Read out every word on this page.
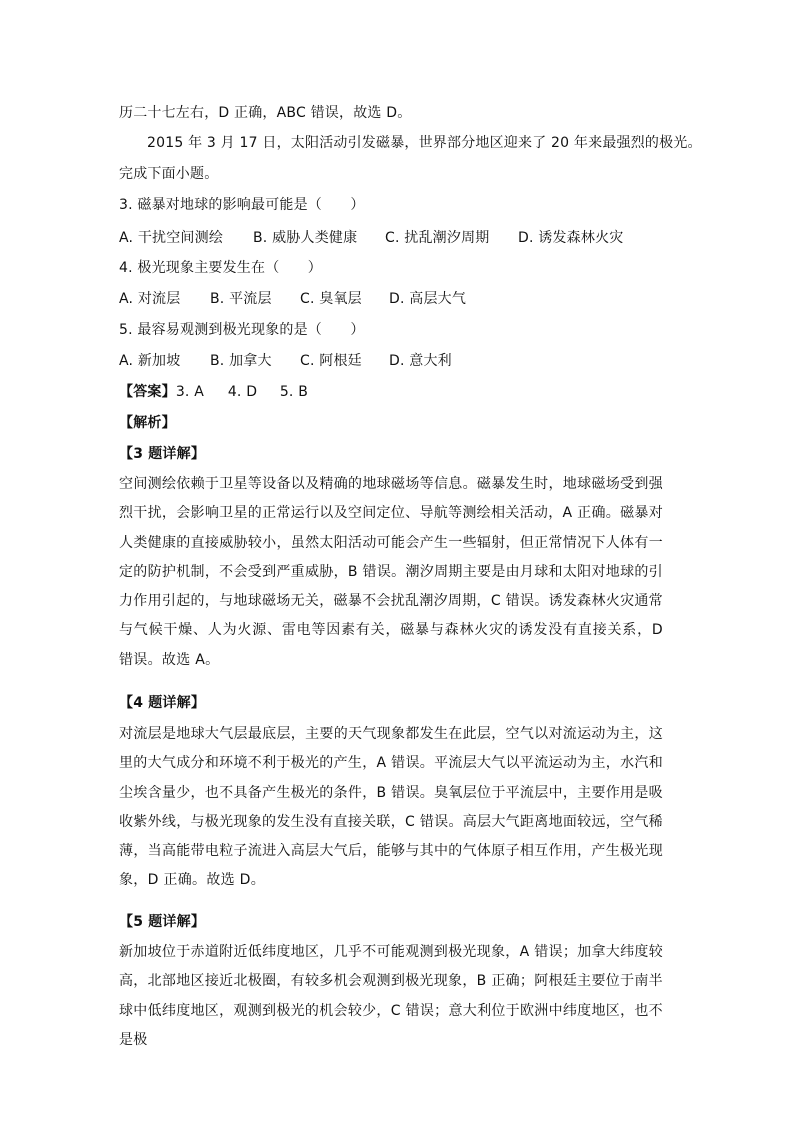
历二十七左右，D 正确，ABC 错误，故选 D。
2015 年 3 月 17 日，太阳活动引发磁暴，世界部分地区迎来了 20 年来最强烈的极光。
完成下面小题。
3. 磁暴对地球的影响最可能是（　　）
A. 干扰空间测绘 B. 威胁人类健康 C. 扰乱潮汐周期 D. 诱发森林火灾
4. 极光现象主要发生在（　　）
A. 对流层 B. 平流层 C. 臭氧层 D. 高层大气
5. 最容易观测到极光现象的是（　　）
A. 新加坡 B. 加拿大 C. 阿根廷 D. 意大利
【答案】3. A 4. D 5. B
【解析】
【3 题详解】

空间测绘依赖于卫星等设备以及精确的地球磁场等信息。磁暴发生时，地球磁场受到强烈干扰，会影响卫星的正常运行以及空间定位、导航等测绘相关活动，A 正确。磁暴对人类健康的直接威胁较小，虽然太阳活动可能会产生一些辐射，但正常情况下人体有一定的防护机制，不会受到严重威胁，B 错误。潮汐周期主要是由月球和太阳对地球的引力作用引起的，与地球磁场无关，磁暴不会扰乱潮汐周期，C 错误。诱发森林火灾通常与气候干燥、人为火源、雷电等因素有关，磁暴与森林火灾的诱发没有直接关系，D 错误。故选 A。

【4 题详解】

对流层是地球大气层最底层，主要的天气现象都发生在此层，空气以对流运动为主，这里的大气成分和环境不利于极光的产生，A 错误。平流层大气以平流运动为主，水汽和尘埃含量少，也不具备产生极光的条件，B 错误。臭氧层位于平流层中，主要作用是吸收紫外线，与极光现象的发生没有直接关联，C 错误。高层大气距离地面较远，空气稀薄，当高能带电粒子流进入高层大气后，能够与其中的气体原子相互作用，产生极光现象，D 正确。故选 D。

【5 题详解】

新加坡位于赤道附近低纬度地区，几乎不可能观测到极光现象，A 错误；加拿大纬度较高，北部地区接近北极圈，有较多机会观测到极光现象，B 正确；阿根廷主要位于南半球中低纬度地区，观测到极光的机会较少，C 错误；意大利位于欧洲中纬度地区，也不是极
